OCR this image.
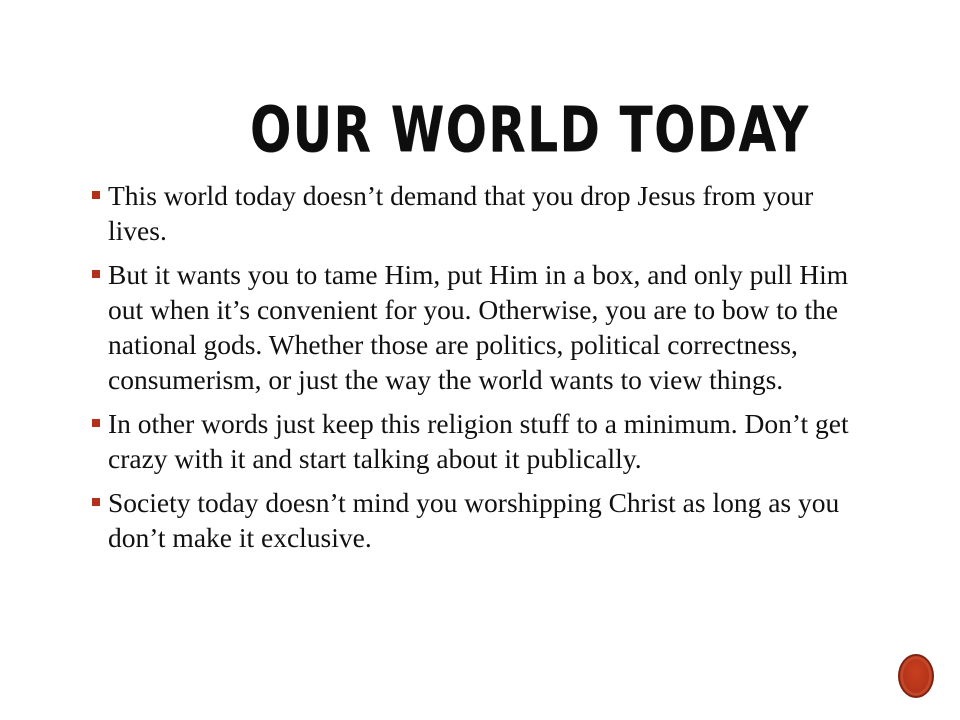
OUR WORLD TODAY
This world today doesn’t demand that you drop Jesus from your lives.
But it wants you to tame Him, put Him in a box, and only pull Him out when it’s convenient for you. Otherwise, you are to bow to the national gods. Whether those are politics, political correctness, consumerism, or just the way the world wants to view things.
In other words just keep this religion stuff to a minimum. Don’t get crazy with it and start talking about it publically.
Society today doesn’t mind you worshipping Christ as long as you don’t make it exclusive.
